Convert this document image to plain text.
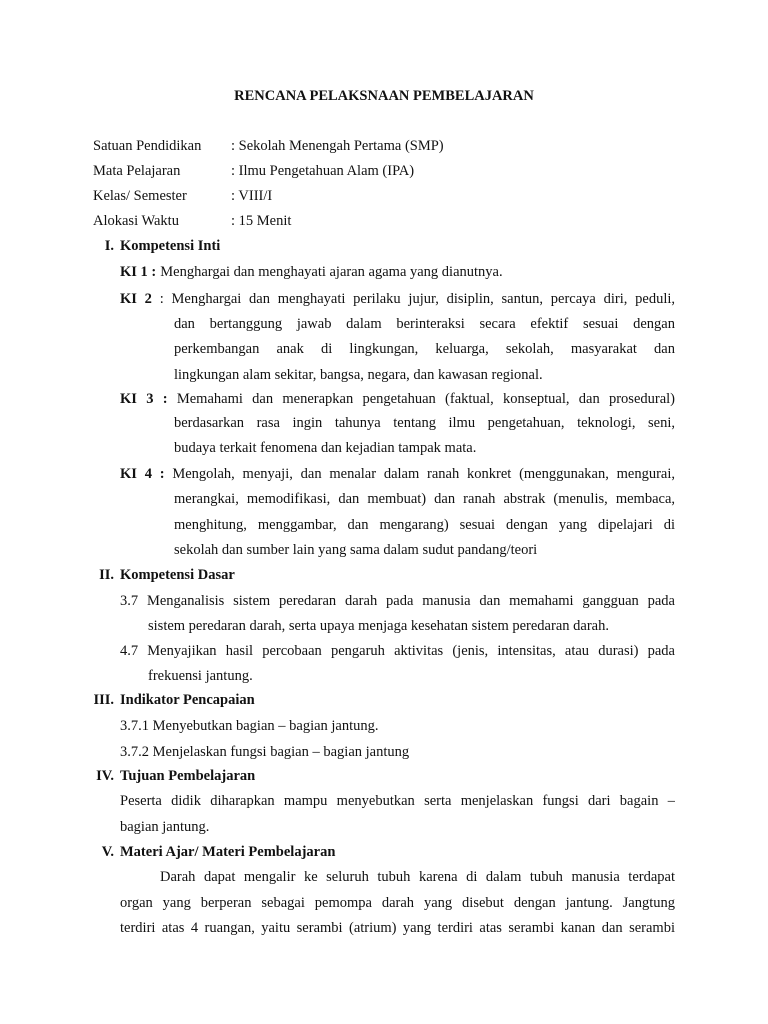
RENCANA PELAKSNAAN PEMBELAJARAN
Satuan Pendidikan : Sekolah Menengah Pertama (SMP)
Mata Pelajaran	: Ilmu Pengetahuan Alam (IPA)
Kelas/ Semester	: VIII/I
Alokasi Waktu	: 15 Menit
I. Kompetensi Inti
KI 1 : Menghargai dan menghayati ajaran agama yang dianutnya.
KI 2 : Menghargai dan menghayati perilaku jujur, disiplin, santun, percaya diri, peduli,
dan bertanggung jawab dalam berinteraksi secara efektif sesuai dengan
perkembangan anak di lingkungan, keluarga, sekolah, masyarakat dan
lingkungan alam sekitar, bangsa, negara, dan kawasan regional.
KI 3 : Memahami dan menerapkan pengetahuan (faktual, konseptual, dan prosedural)
berdasarkan rasa ingin tahunya tentang ilmu pengetahuan, teknologi, seni,
budaya terkait fenomena dan kejadian tampak mata.
KI 4 : Mengolah, menyaji, dan menalar dalam ranah konkret (menggunakan, mengurai,
merangkai, memodifikasi, dan membuat) dan ranah abstrak (menulis, membaca,
menghitung, menggambar, dan mengarang) sesuai dengan yang dipelajari di
sekolah dan sumber lain yang sama dalam sudut pandang/teori
II. Kompetensi Dasar
3.7 Menganalisis sistem peredaran darah pada manusia dan memahami gangguan pada
sistem peredaran darah, serta upaya menjaga kesehatan sistem peredaran darah.
4.7 Menyajikan hasil percobaan pengaruh aktivitas (jenis, intensitas, atau durasi) pada
frekuensi jantung.
III. Indikator Pencapaian
3.7.1 Menyebutkan bagian – bagian jantung.
3.7.2 Menjelaskan fungsi bagian – bagian jantung
IV. Tujuan Pembelajaran
Peserta didik diharapkan mampu menyebutkan serta menjelaskan fungsi dari bagain –
bagian jantung.
V. Materi Ajar/ Materi Pembelajaran
Darah dapat mengalir ke seluruh tubuh karena di dalam tubuh manusia terdapat
organ yang berperan sebagai pemompa darah yang disebut dengan jantung. Jangtung
terdiri atas 4 ruangan, yaitu serambi (atrium) yang terdiri atas serambi kanan dan serambi
